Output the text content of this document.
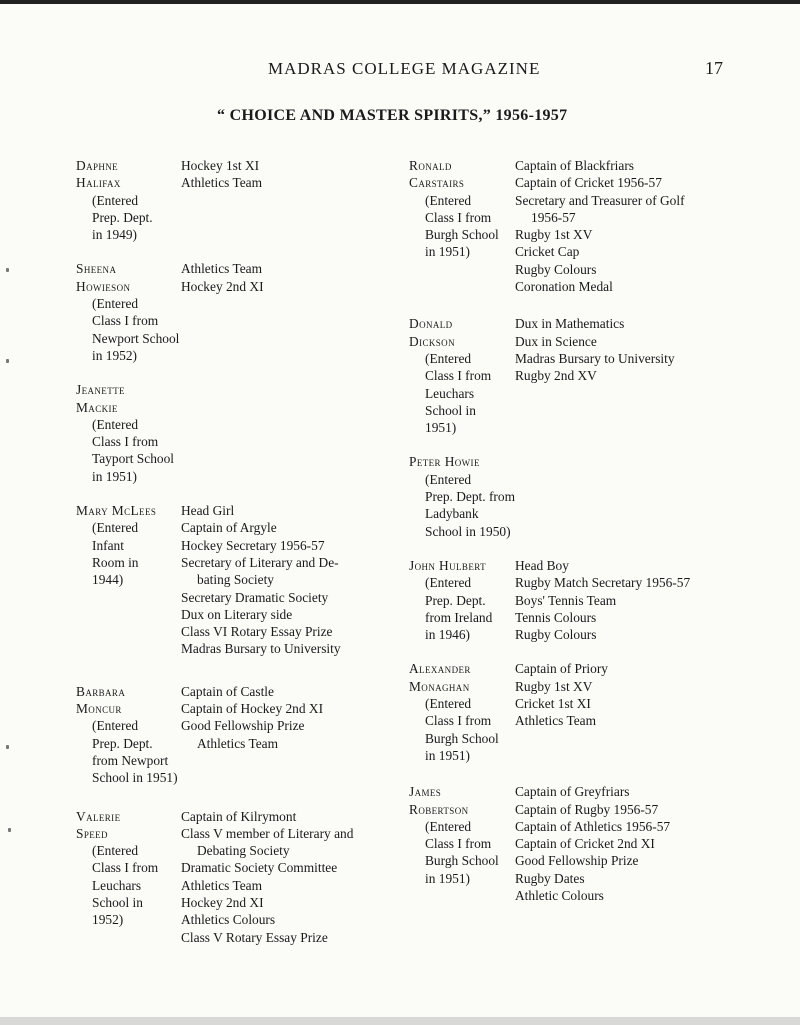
MADRAS COLLEGE MAGAZINE	17
“ CHOICE AND MASTER SPIRITS,” 1956-1957
Daphne
Halifax
(Entered
Prep. Dept.
in 1949)
Hockey 1st XI
Athletics Team
Sheena
Howieson
(Entered
Class I from
Newport School
in 1952)
Athletics Team
Hockey 2nd XI
Jeanette
Mackie
(Entered
Class I from
Tayport School
in 1951)
Mary McLees
(Entered
Infant
Room in
1944)
Head Girl
Captain of Argyle
Hockey Secretary 1956-57
Secretary of Literary and De-
bating Society
Secretary Dramatic Society
Dux on Literary side
Class VI Rotary Essay Prize
Madras Bursary to University
Barbara
Moncur
(Entered
Prep. Dept.
from Newport
School in 1951)
Captain of Castle
Captain of Hockey 2nd XI
Good Fellowship Prize
Athletics Team
Valerie
Speed
(Entered
Class I from
Leuchars
School in
1952)
Captain of Kilrymont
Class V member of Literary and
Debating Society
Dramatic Society Committee
Athletics Team
Hockey 2nd XI
Athletics Colours
Class V Rotary Essay Prize
Ronald
Carstairs
(Entered
Class I from
Burgh School
in 1951)
Captain of Blackfriars
Captain of Cricket 1956-57
Secretary and Treasurer of Golf
1956-57
Rugby 1st XV
Cricket Cap
Rugby Colours
Coronation Medal
Donald
Dickson
(Entered
Class I from
Leuchars
School in
1951)
Dux in Mathematics
Dux in Science
Madras Bursary to University
Rugby 2nd XV
Peter Howie
(Entered
Prep. Dept. from
Ladybank
School in 1950)
John Hulbert
(Entered
Prep. Dept.
from Ireland
in 1946)
Head Boy
Rugby Match Secretary 1956-57
Boys' Tennis Team
Tennis Colours
Rugby Colours
Alexander
Monaghan
(Entered
Class I from
Burgh School
in 1951)
Captain of Priory
Rugby 1st XV
Cricket 1st XI
Athletics Team
James
Robertson
(Entered
Class I from
Burgh School
in 1951)
Captain of Greyfriars
Captain of Rugby 1956-57
Captain of Athletics 1956-57
Captain of Cricket 2nd XI
Good Fellowship Prize
Rugby Dates
Athletic Colours
